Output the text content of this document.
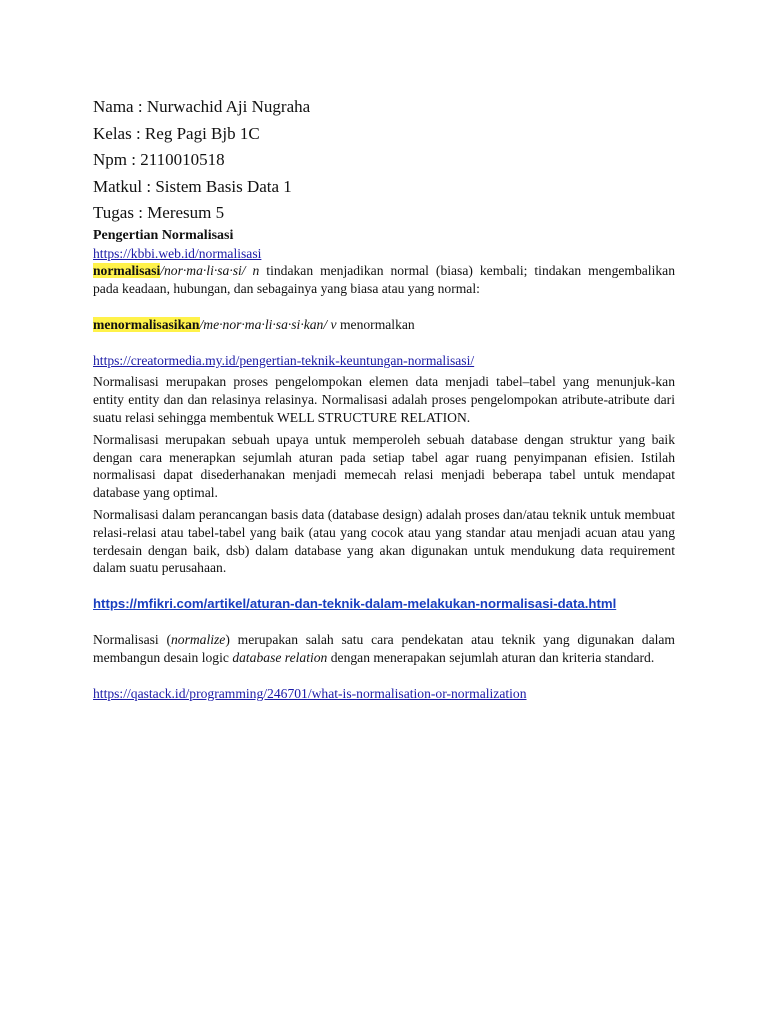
Nama : Nurwachid Aji Nugraha

Kelas : Reg Pagi Bjb 1C

Npm : 2110010518

Matkul : Sistem Basis Data 1

Tugas : Meresum 5

Pengertian Normalisasi

https://kbbi.web.id/normalisasi

normalisasi/nor·ma·li·sa·si/ n tindakan menjadikan normal (biasa) kembali; tindakan mengembalikan pada keadaan, hubungan, dan sebagainya yang biasa atau yang normal:

menormalisasikan/me·nor·ma·li·sa·si·kan/ v menormalkan

https://creatormedia.my.id/pengertian-teknik-keuntungan-normalisasi/

Normalisasi merupakan proses pengelompokan elemen data menjadi tabel–tabel yang menunjuk-kan entity entity dan dan relasinya relasinya. Normalisasi adalah proses pengelompokan atribute-atribute dari suatu relasi sehingga membentuk WELL STRUCTURE RELATION.

Normalisasi merupakan sebuah upaya untuk memperoleh sebuah database dengan struktur yang baik dengan cara menerapkan sejumlah aturan pada setiap tabel agar ruang penyimpanan efisien. Istilah normalisasi dapat disederhanakan menjadi memecah relasi menjadi beberapa tabel untuk mendapat database yang optimal.

Normalisasi dalam perancangan basis data (database design) adalah proses dan/atau teknik untuk membuat relasi-relasi atau tabel-tabel yang baik (atau yang cocok atau yang standar atau menjadi acuan atau yang terdesain dengan baik, dsb) dalam database yang akan digunakan untuk mendukung data requirement dalam suatu perusahaan.

https://mfikri.com/artikel/aturan-dan-teknik-dalam-melakukan-normalisasi-data.html

Normalisasi (normalize) merupakan salah satu cara pendekatan atau teknik yang digunakan dalam membangun desain logic database relation dengan menerapakan sejumlah aturan dan kriteria standard.

https://qastack.id/programming/246701/what-is-normalisation-or-normalization
